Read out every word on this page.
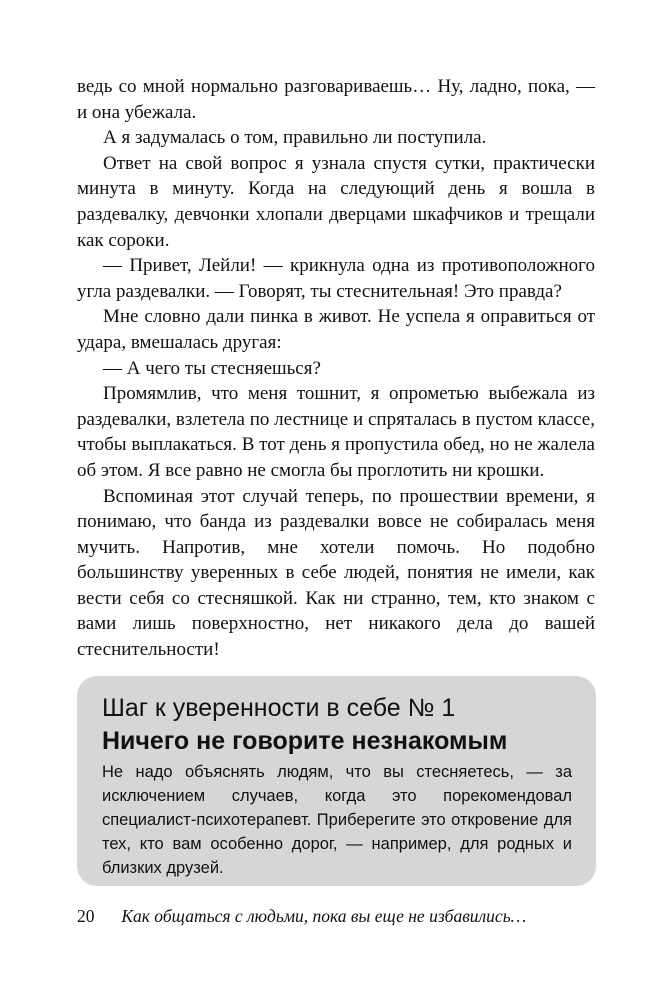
ведь со мной нормально разговариваешь… Ну, ладно, пока, — и она убежала.

А я задумалась о том, правильно ли поступила.

Ответ на свой вопрос я узнала спустя сутки, практически минута в минуту. Когда на следующий день я вошла в раздевалку, девчонки хлопали дверцами шкафчиков и трещали как сороки.

— Привет, Лейли! — крикнула одна из противоположного угла раздевалки. — Говорят, ты стеснительная! Это правда?

Мне словно дали пинка в живот. Не успела я оправиться от удара, вмешалась другая:

— А чего ты стесняешься?

Промямлив, что меня тошнит, я опрометью выбежала из раздевалки, взлетела по лестнице и спряталась в пустом классе, чтобы выплакаться. В тот день я пропустила обед, но не жалела об этом. Я все равно не смогла бы проглотить ни крошки.

Вспоминая этот случай теперь, по прошествии времени, я понимаю, что банда из раздевалки вовсе не собиралась меня мучить. Напротив, мне хотели помочь. Но подобно большинству уверенных в себе людей, понятия не имели, как вести себя со стесняшкой. Как ни странно, тем, кто знаком с вами лишь поверхностно, нет никакого дела до вашей стеснительности!

Шаг к уверенности в себе № 1
Ничего не говорите незнакомым

Не надо объяснять людям, что вы стесняетесь, — за исключением случаев, когда это порекомендовал специалист-психотерапевт. Приберегите это откровение для тех, кто вам особенно дорог, — например, для родных и близких друзей.

20 Как общаться с людьми, пока вы еще не избавились…
